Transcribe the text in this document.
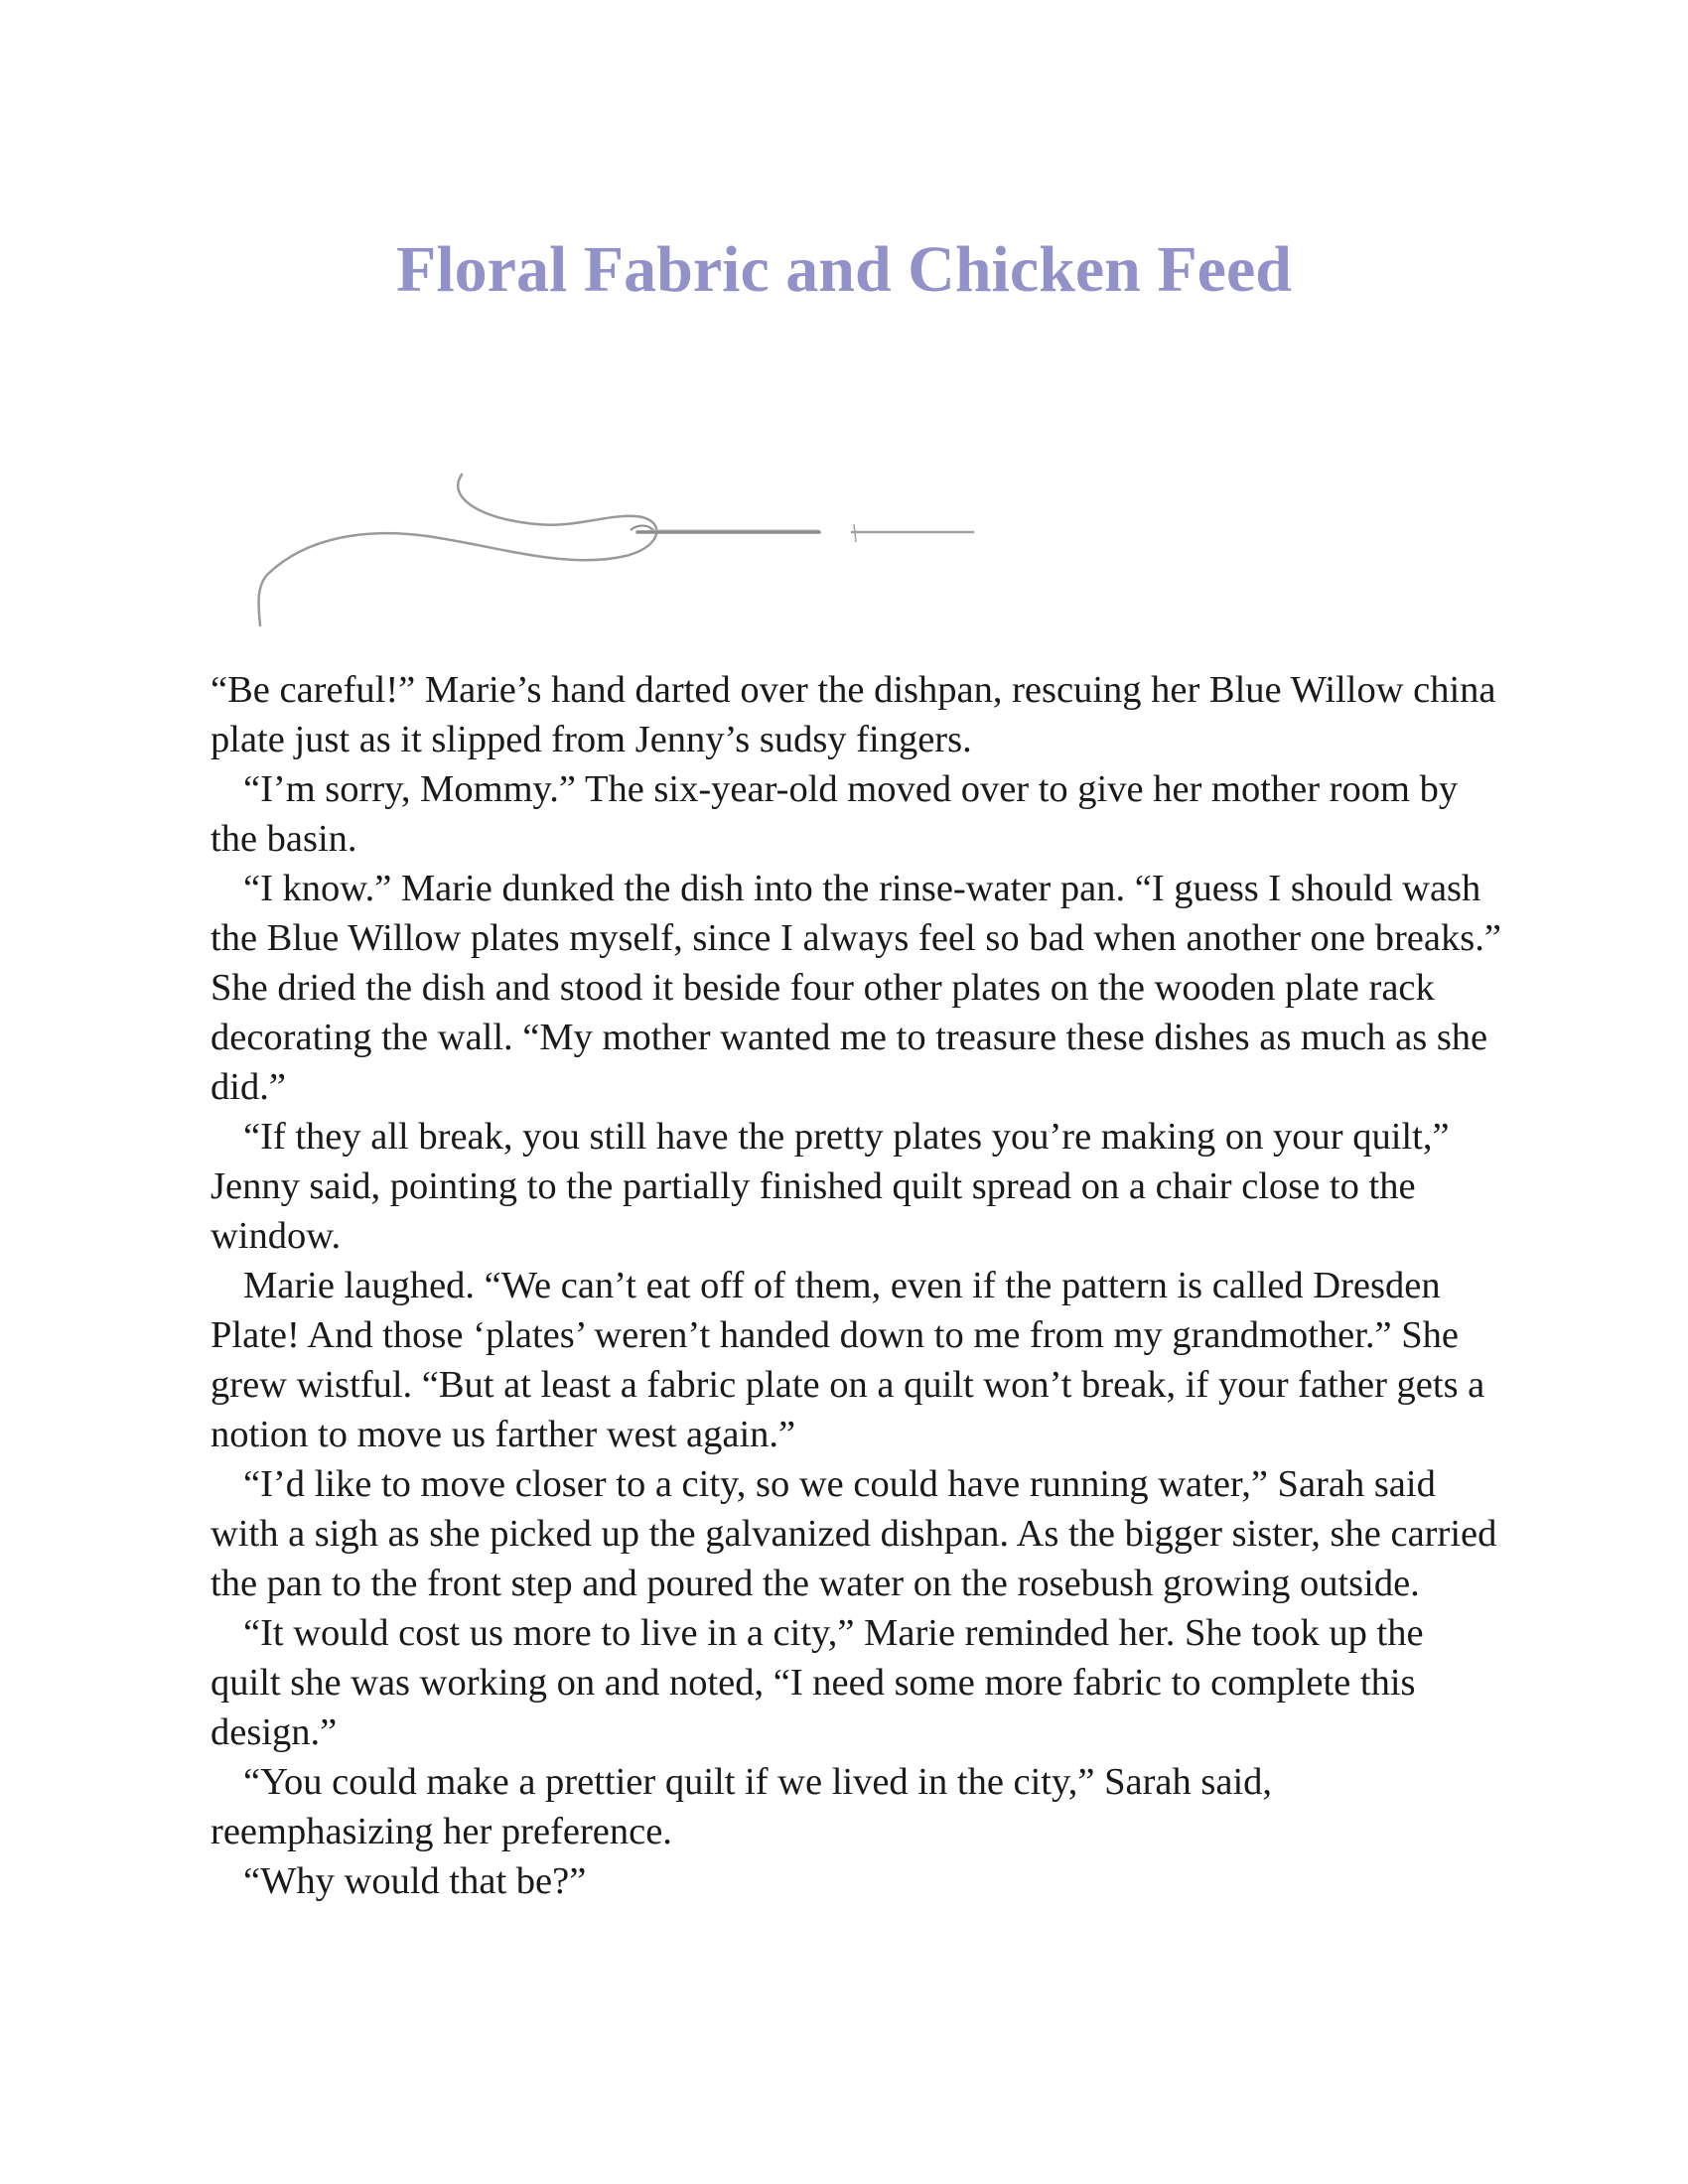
Floral Fabric and Chicken Feed

“Be careful!” Marie’s hand darted over the dishpan, rescuing her Blue Willow china plate just as it slipped from Jenny’s sudsy fingers.

“I’m sorry, Mommy.” The six-year-old moved over to give her mother room by the basin.

“I know.” Marie dunked the dish into the rinse-water pan. “I guess I should wash the Blue Willow plates myself, since I always feel so bad when another one breaks.” She dried the dish and stood it beside four other plates on the wooden plate rack decorating the wall. “My mother wanted me to treasure these dishes as much as she did.”

“If they all break, you still have the pretty plates you’re making on your quilt,” Jenny said, pointing to the partially finished quilt spread on a chair close to the window.

Marie laughed. “We can’t eat off of them, even if the pattern is called Dresden Plate! And those ‘plates’ weren’t handed down to me from my grandmother.” She grew wistful. “But at least a fabric plate on a quilt won’t break, if your father gets a notion to move us farther west again.”

“I’d like to move closer to a city, so we could have running water,” Sarah said with a sigh as she picked up the galvanized dishpan. As the bigger sister, she carried the pan to the front step and poured the water on the rosebush growing outside.

“It would cost us more to live in a city,” Marie reminded her. She took up the quilt she was working on and noted, “I need some more fabric to complete this design.”

“You could make a prettier quilt if we lived in the city,” Sarah said, reemphasizing her preference.

“Why would that be?”
